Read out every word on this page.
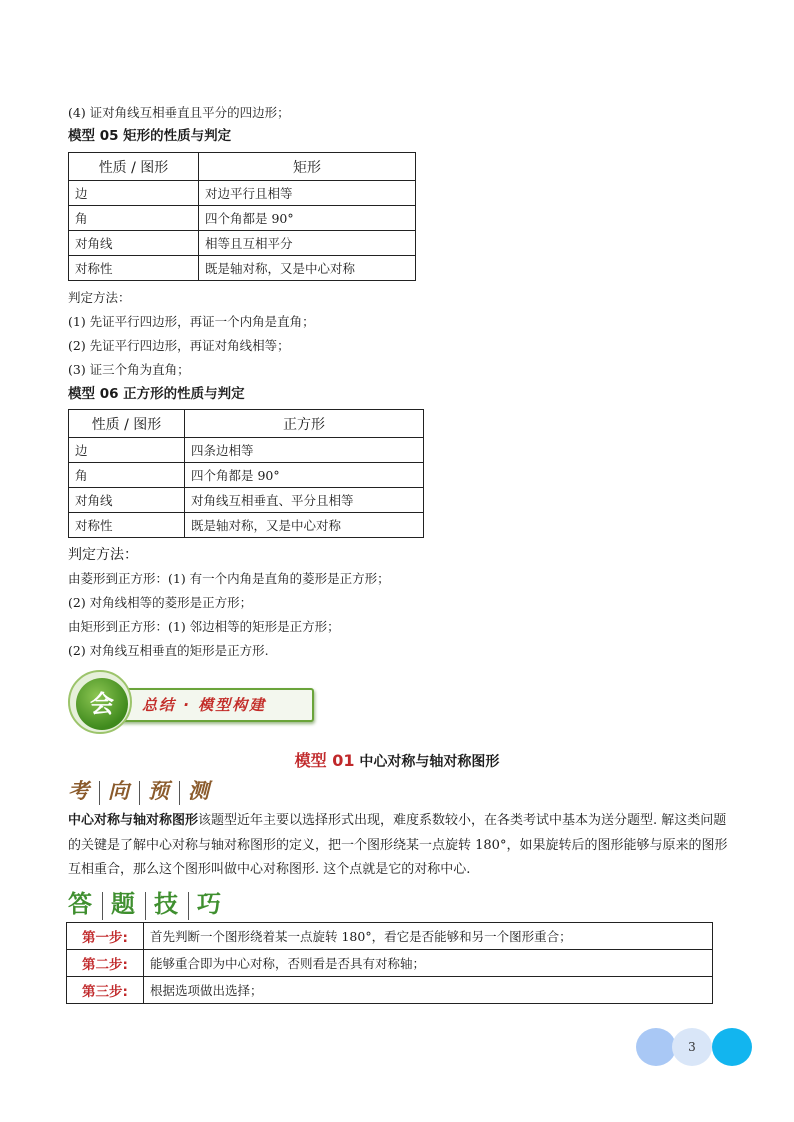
(4) 证对角线互相垂直且平分的四边形；
模型 05 矩形的性质与判定
性质 / 图形	矩形
边	对边平行且相等
角	四个角都是 90°
对角线	相等且互相平分
对称性	既是轴对称，又是中心对称
判定方法：
(1) 先证平行四边形，再证一个内角是直角；
(2) 先证平行四边形，再证对角线相等；
(3) 证三个角为直角；
模型 06 正方形的性质与判定
性质 / 图形	正方形
边	四条边相等
角	四个角都是 90°
对角线	对角线互相垂直、平分且相等
对称性	既是轴对称，又是中心对称
判定方法：
由菱形到正方形：(1) 有一个内角是直角的菱形是正方形；
(2) 对角线相等的菱形是正方形；
由矩形到正方形：(1) 邻边相等的矩形是正方形；
(2) 对角线互相垂直的矩形是正方形.
总结 · 模型构建
会
模型 01 中心对称与轴对称图形
考 向 预 测
中心对称与轴对称图形该题型近年主要以选择形式出现，难度系数较小，在各类考试中基本为送分题型. 解这类问题的关键是了解中心对称与轴对称图形的定义，把一个图形绕某一点旋转 180°，如果旋转后的图形能够与原来的图形互相重合，那么这个图形叫做中心对称图形. 这个点就是它的对称中心.
答 题 技 巧
第一步:	首先判断一个图形绕着某一点旋转 180°，看它是否能够和另一个图形重合；
第二步:	能够重合即为中心对称，否则看是否具有对称轴；
第三步:	根据选项做出选择；
3
